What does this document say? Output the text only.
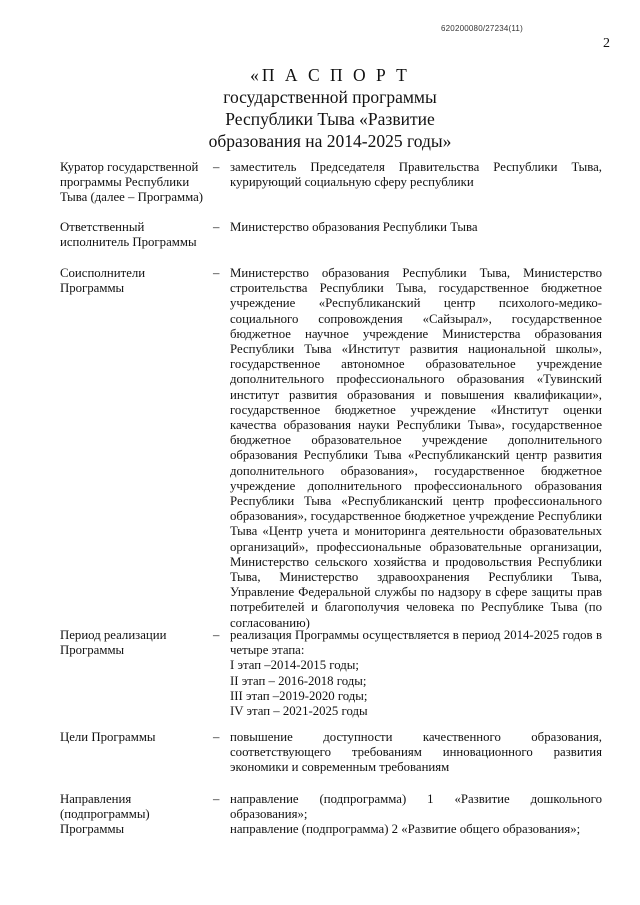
620200080/27234(11)
2
«П А С П О Р Т
государственной программы
Республики Тыва «Развитие
образования на 2014-2025 годы»
Куратор государственной программы Республики Тыва (далее – Программа)
– заместитель Председателя Правительства Республики Тыва, курирующий социальную сферу республики
Ответственный исполнитель Программы
– Министерство образования Республики Тыва
Соисполнители Программы
– Министерство образования Республики Тыва, Министерство строительства Республики Тыва, государственное бюджетное учреждение «Республиканский центр психолого-медико-социального сопровождения «Сайзырал», государственное бюджетное научное учреждение Министерства образования Республики Тыва «Институт развития национальной школы», государственное автономное образовательное учреждение дополнительного профессионального образования «Тувинский институт развития образования и повышения квалификации», государственное бюджетное учреждение «Институт оценки качества образования науки Республики Тыва», государственное бюджетное образовательное учреждение дополнительного образования Республики Тыва «Республиканский центр развития дополнительного образования», государственное бюджетное учреждение дополнительного профессионального образования Республики Тыва «Республиканский центр профессионального образования», государственное бюджетное учреждение Республики Тыва «Центр учета и мониторинга деятельности образовательных организаций», профессиональные образовательные организации, Министерство сельского хозяйства и продовольствия Республики Тыва, Министерство здравоохранения Республики Тыва, Управление Федеральной службы по надзору в сфере защиты прав потребителей и благополучия человека по Республике Тыва (по согласованию)
Период реализации Программы
– реализация Программы осуществляется в период 2014-2025 годов в четыре этапа:

I этап –2014-2015 годы;

II этап – 2016-2018 годы;

III этап –2019-2020 годы;

IV этап – 2021-2025 годы

Цели Программы	– повышение доступности качественного образования, соответствующего требованиям инновационного развития экономики и современным требованиям
Направления (подпрограммы) Программы
– направление (подпрограмма) 1 «Развитие дошкольного образования»;

направление (подпрограмма) 2 «Развитие общего образования»;
